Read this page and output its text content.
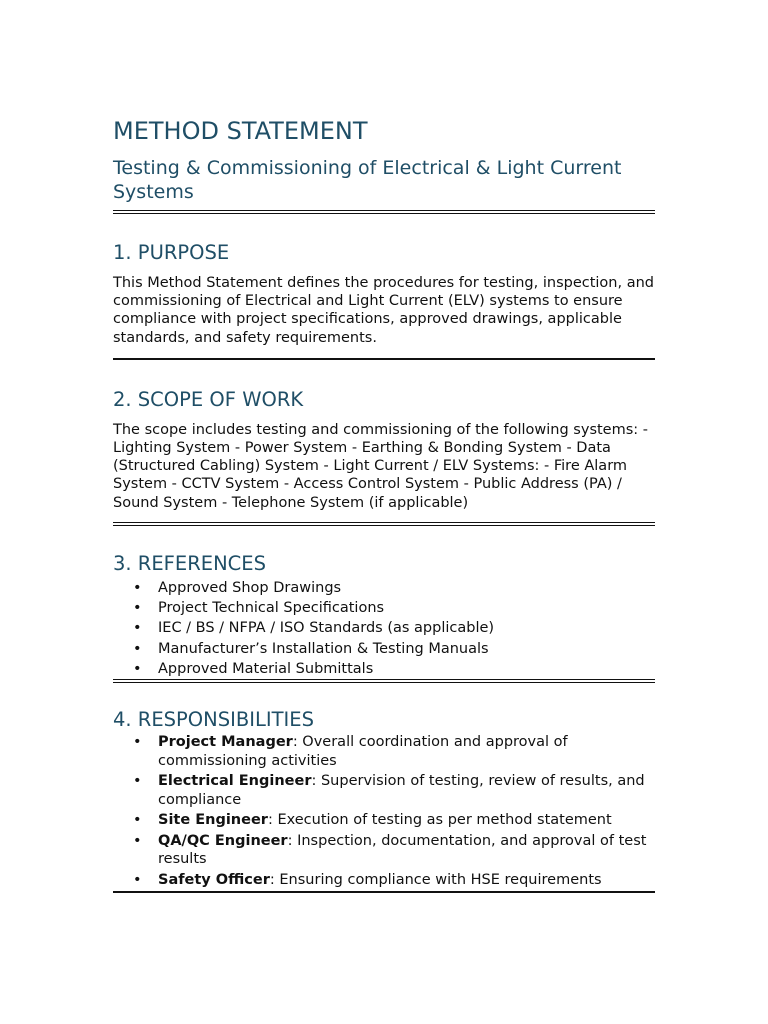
METHOD STATEMENT
Testing & Commissioning of Electrical & Light Current Systems
1. PURPOSE

This Method Statement defines the procedures for testing, inspection, and commissioning of Electrical and Light Current (ELV) systems to ensure compliance with project specifications, approved drawings, applicable standards, and safety requirements.

2. SCOPE OF WORK

The scope includes testing and commissioning of the following systems: - Lighting System - Power System - Earthing & Bonding System - Data (Structured Cabling) System - Light Current / ELV Systems: - Fire Alarm System - CCTV System - Access Control System - Public Address (PA) / Sound System - Telephone System (if applicable)

3. REFERENCES
• Approved Shop Drawings
• Project Technical Specifications
• IEC / BS / NFPA / ISO Standards (as applicable)
• Manufacturer’s Installation & Testing Manuals
• Approved Material Submittals
4. RESPONSIBILITIES
• Project Manager: Overall coordination and approval of commissioning activities
• Electrical Engineer: Supervision of testing, review of results, and compliance
• Site Engineer: Execution of testing as per method statement
• QA/QC Engineer: Inspection, documentation, and approval of test results
• Safety Officer: Ensuring compliance with HSE requirements
